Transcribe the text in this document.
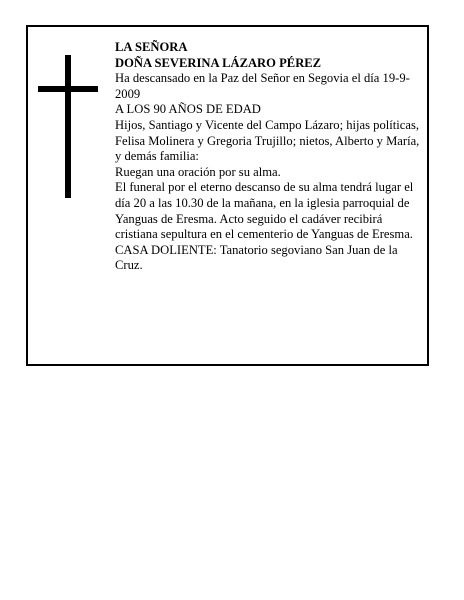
LA SEÑORA

DOÑA SEVERINA LÁZARO PÉREZ

Ha descansado en la Paz del Señor en Segovia el día 19-9-2009

A LOS 90 AÑOS DE EDAD

Hijos, Santiago y Vicente del Campo Lázaro; hijas políticas, Felisa Molinera y Gregoria Trujillo; nietos, Alberto y María, y demás familia:

Ruegan una oración por su alma.

El funeral por el eterno descanso de su alma tendrá lugar el día 20 a las 10.30 de la mañana, en la iglesia parroquial de Yanguas de Eresma. Acto seguido el cadáver recibirá cristiana sepultura en el cementerio de Yanguas de Eresma.

CASA DOLIENTE: Tanatorio segoviano San Juan de la Cruz.
